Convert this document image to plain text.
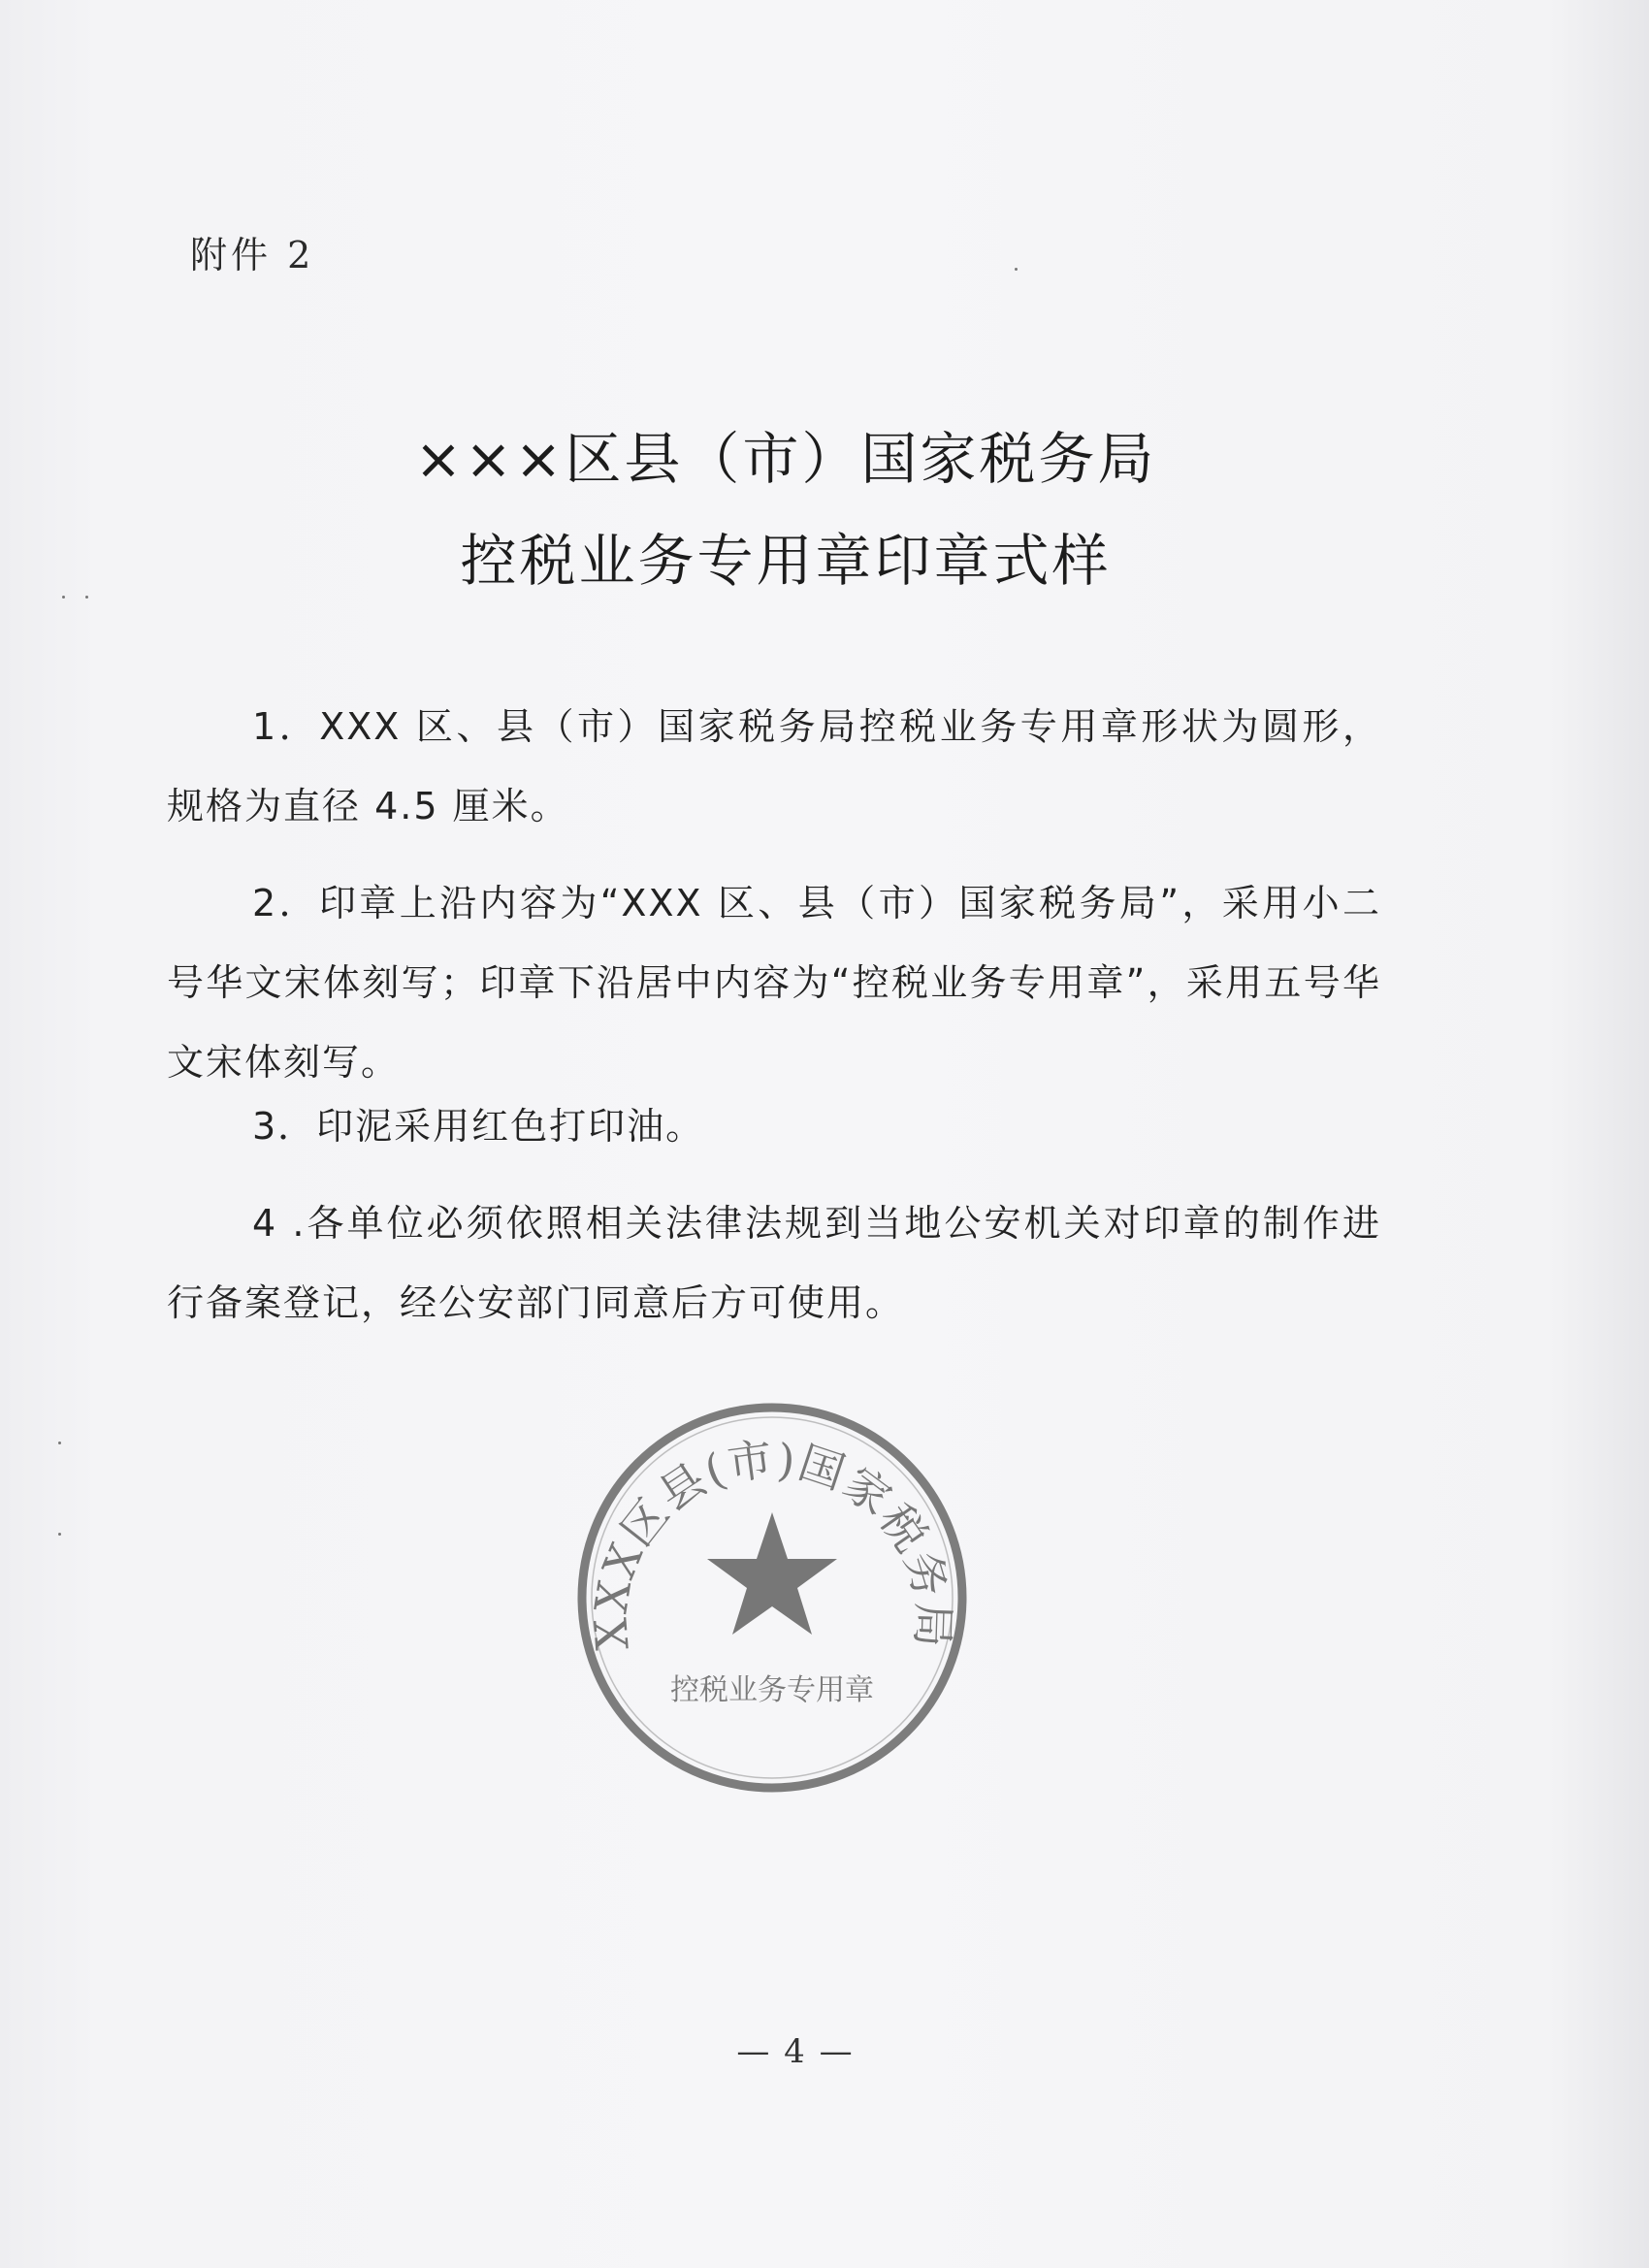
附件 2
×××区县（市）国家税务局
控税业务专用章印章式样
1．XXX 区、县（市）国家税务局控税业务专用章形状为圆形，规格为直径 4.5 厘米。
2．印章上沿内容为“XXX 区、县（市）国家税务局”，采用小二号华文宋体刻写；印章下沿居中内容为“控税业务专用章”，采用五号华文宋体刻写。
3．印泥采用红色打印油。
4 .各单位必须依照相关法律法规到当地公安机关对印章的制作进行备案登记，经公安部门同意后方可使用。
XXX区县(市)国家税务局
控税业务专用章
— 4 —
